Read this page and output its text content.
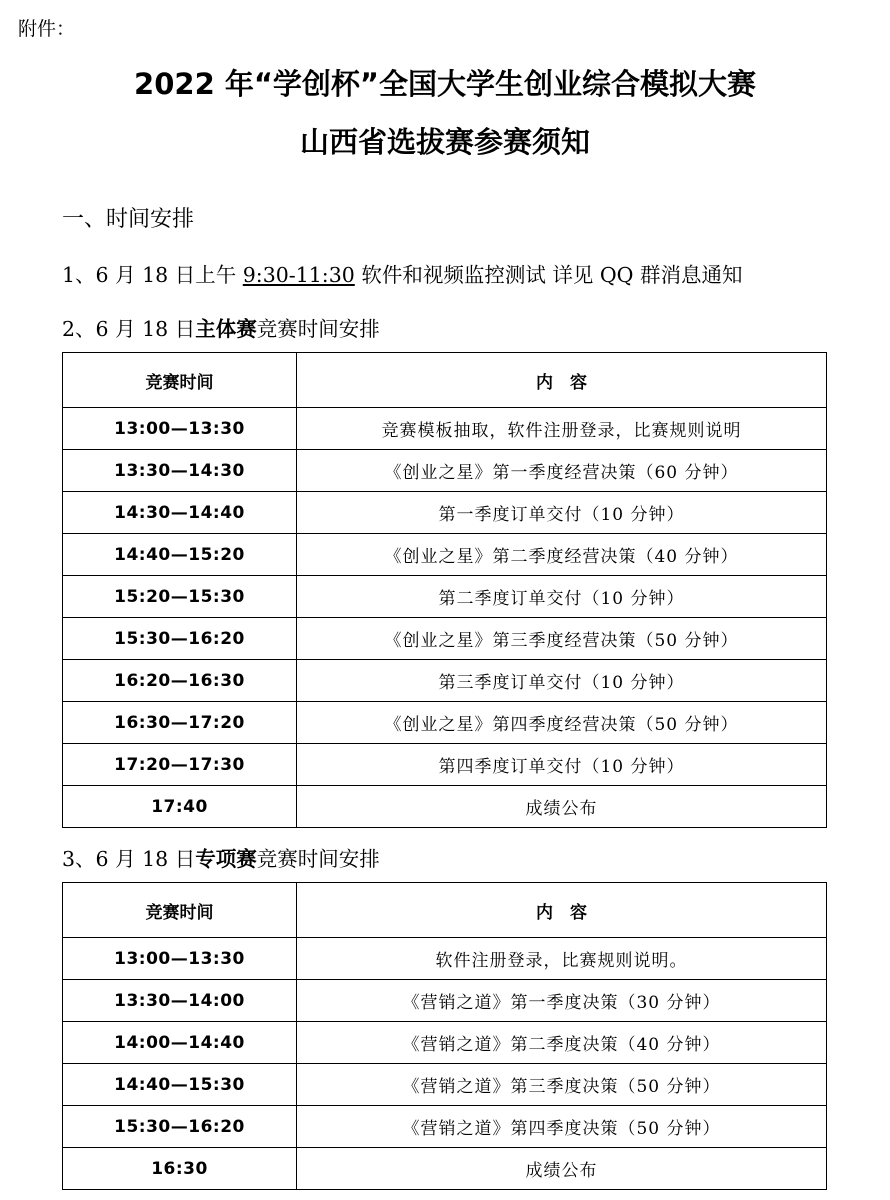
附件：
2022 年“学创杯”全国大学生创业综合模拟大赛
山西省选拔赛参赛须知
一、时间安排
1、6 月 18 日上午 9:30-11:30 软件和视频监控测试 详见 QQ 群消息通知
2、6 月 18 日主体赛竞赛时间安排
竞赛时间	内　容
13:00—13:30	竞赛模板抽取，软件注册登录，比赛规则说明
13:30—14:30	《创业之星》第一季度经营决策（60 分钟）
14:30—14:40	第一季度订单交付（10 分钟）
14:40—15:20	《创业之星》第二季度经营决策（40 分钟）
15:20—15:30	第二季度订单交付（10 分钟）
15:30—16:20	《创业之星》第三季度经营决策（50 分钟）
16:20—16:30	第三季度订单交付（10 分钟）
16:30—17:20	《创业之星》第四季度经营决策（50 分钟）
17:20—17:30	第四季度订单交付（10 分钟）
17:40	成绩公布
3、6 月 18 日专项赛竞赛时间安排
竞赛时间	内　容
13:00—13:30	软件注册登录，比赛规则说明。
13:30—14:00	《营销之道》第一季度决策（30 分钟）
14:00—14:40	《营销之道》第二季度决策（40 分钟）
14:40—15:30	《营销之道》第三季度决策（50 分钟）
15:30—16:20	《营销之道》第四季度决策（50 分钟）
16:30	成绩公布
